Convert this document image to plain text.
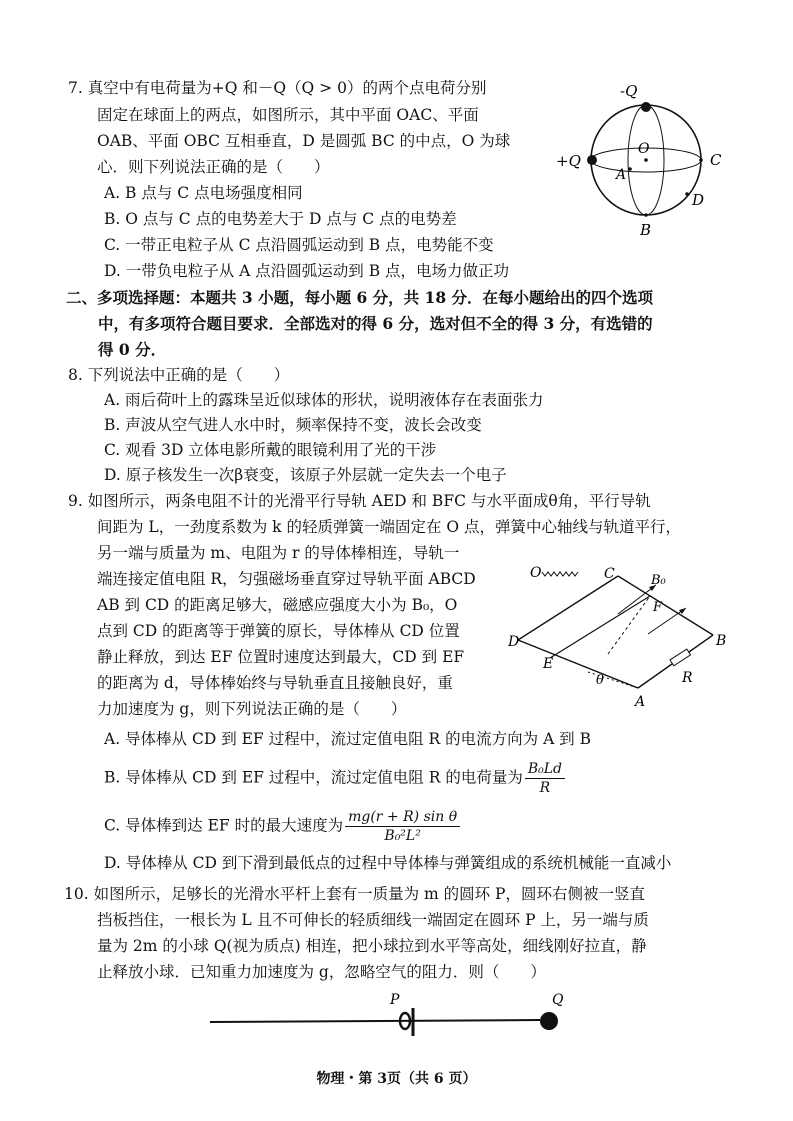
7. 真空中有电荷量为+Q 和－Q（Q > 0）的两个点电荷分别
固定在球面上的两点，如图所示，其中平面 OAC、平面
OAB、平面 OBC 互相垂直，D 是圆弧 BC 的中点，O 为球
心．则下列说法正确的是（　　）
A. B 点与 C 点电场强度相同
B. O 点与 C 点的电势差大于 D 点与 C 点的电势差
C. 一带正电粒子从 C 点沿圆弧运动到 B 点，电势能不变
D. 一带负电粒子从 A 点沿圆弧运动到 B 点，电场力做正功
-Q
+Q
O
A
C
B
D
二、多项选择题：本题共 3 小题，每小题 6 分，共 18 分．在每小题给出的四个选项
中，有多项符合题目要求．全部选对的得 6 分，选对但不全的得 3 分，有选错的
得 0 分．
8. 下列说法中正确的是（　　）
A. 雨后荷叶上的露珠呈近似球体的形状，说明液体存在表面张力
B. 声波从空气进人水中时，频率保持不变，波长会改变
C. 观看 3D 立体电影所戴的眼镜利用了光的干涉
D. 原子核发生一次β衰变，该原子外层就一定失去一个电子
9. 如图所示，两条电阻不计的光滑平行导轨 AED 和 BFC 与水平面成θ角，平行导轨
间距为 L，一劲度系数为 k 的轻质弹簧一端固定在 O 点，弹簧中心轴线与轨道平行，
另一端与质量为 m、电阻为 r 的导体棒相连，导轨一
端连接定值电阻 R，匀强磁场垂直穿过导轨平面 ABCD
AB 到 CD 的距离足够大，磁感应强度大小为 B₀，O
点到 CD 的距离等于弹簧的原长，导体棒从 CD 位置
静止释放，到达 EF 位置时速度达到最大，CD 到 EF
的距离为 d，导体棒始终与导轨垂直且接触良好，重
力加速度为 g，则下列说法正确的是（　　）
A. 导体棒从 CD 到 EF 过程中，流过定值电阻 R 的电流方向为 A 到 B
B. 导体棒从 CD 到 EF 过程中，流过定值电阻 R 的电荷量为 $\frac{\text{B₀Ld}}{R}$
C. 导体棒到达 EF 时的最大速度为 $\frac{\text{mg(r + R) sin θ}}{\text{B₀²L²}}$
D. 导体棒从 CD 到下滑到最低点的过程中导体棒与弹簧组成的系统机械能一直减小
O	C	B₀
F
D	B
E
θ	R
A
10. 如图所示，足够长的光滑水平杆上套有一质量为 m 的圆环 P，圆环右侧被一竖直
挡板挡住，一根长为 L 且不可伸长的轻质细线一端固定在圆环 P 上，另一端与质
量为 2m 的小球 Q(视为质点) 相连，把小球拉到水平等高处，细线刚好拉直，静
止释放小球．已知重力加速度为 g，忽略空气的阻力．则（　　）
P	Q
物理・第 3页（共 6 页）
